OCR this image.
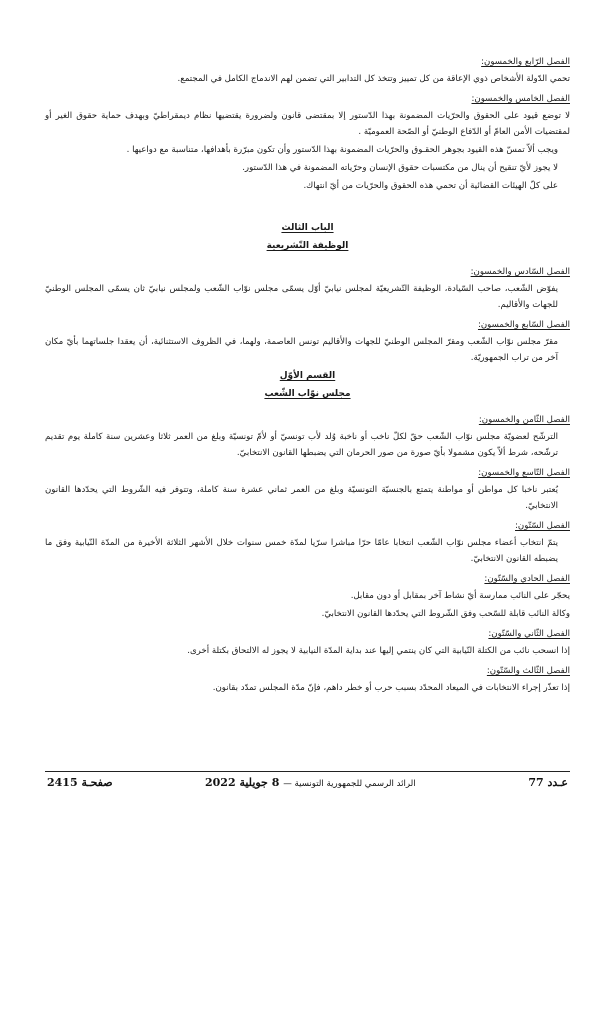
الفصل الرّابع والخمسون:

تحمي الدّولة الأشخاص ذوي الإعاقة من كل تمييز وتتخذ كل التدابير التي تضمن لهم الاندماج الكامل في المجتمع.

الفصل الخامس والخمسون:

لا توضع قيود على الحقوق والحرّيات المضمونة بهذا الدّستور إلا بمقتضى قانون ولضرورة يقتضيها نظام ديمقراطيّ وبهدف حماية حقوق الغير أو لمقتضيات الأمن العامّ أو الدّفاع الوطنيّ أو الصّحة العموميّة .

ويجب ألاّ تمسّ هذه القيود بجوهر الحقـوق والحرّيات المضمونة بهذا الدّستور وأن تكون مبرّرة بأهدافها، متناسبة مع دواعيها .

لا يجوز لأيّ تنقيح أن ينال من مكتسبات حقوق الإنسان وحرّياته المضمونة في هذا الدّستور.

على كلّ الهيئات القضائية أن تحمي هذه الحقوق والحرّيات من أيّ انتهاك.

الباب الثالث
الوظيفة التّشريعية
الفصل السّادس والخمسون:

يفوّض الشّعب، صاحب السّيادة، الوظيفة التّشريعيّة لمجلس نيابيّ أوّل يسمّى مجلس نوّاب الشّعب ولمجلس نيابيّ ثان يسمّى المجلس الوطنيّ للجهات والأقاليم.

الفصل السّابع والخمسون:

مقرّ مجلس نوّاب الشّعب ومقرّ المجلس الوطنيّ للجهات والأقاليم تونس العاصمة، ولهما، في الظروف الاستثنائية، أن يعقدا جلساتهما بأيّ مكان آخر من تراب الجمهوريّة.

القسم الأوّل
مجلس نوّاب الشّعب
الفصل الثّامن والخمسون:

الترشّح لعضويّة مجلس نوّاب الشّعب حقّ لكلّ ناخب أو ناخبة وُلد لأب تونسيّ أو لأمّ تونسيّة وبلغ من العمر ثلاثا وعشرين سنة كاملة يوم تقديم ترشّحه، شرط ألاّ يكون مشمولا بأيّ صورة من صور الحرمان التي يضبطها القانون الانتخابيّ.

الفصل التّاسع والخمسون:

يُعتبر ناخبا كل مواطن أو مواطنة يتمتع بالجنسيّة التونسيّة وبلغ من العمر ثماني عشرة سنة كاملة، وتتوفر فيه الشّروط التي يحدّدها القانون الانتخابيّ.

الفصل السّتّون:

يتمّ انتخاب أعضاء مجلس نوّاب الشّعب انتخابا عامّا حرّا مباشرا سرّيا لمدّة خمس سنوات خلال الأشهر الثلاثة الأخيرة من المدّة النّيابية وفق ما يضبطه القانون الانتخابيّ.

الفصل الحادي والسّتّون:

يحجّر على النائب ممارسة أيّ نشاط آخر بمقابل أو دون مقابل.

وكالة النائب قابلة للسّحب وفق الشّروط التي يحدّدها القانون الانتخابيّ.

الفصل الثّاني والسّتّون:

إذا انسحب نائب من الكتلة النّيابية التي كان ينتمي إليها عند بداية المدّة النيابية لا يجوز له الالتحاق بكتلة أخرى.

الفصل الثّالث والسّتّون:

إذا تعذّر إجراء الانتخابات في الميعاد المحدّد بسبب حرب أو خطر داهم، فإنّ مدّة المجلس تمدّد بقانون.

عـدد 77
الرائد الرسمي للجمهورية التونسية — 8 جويلية 2022
صفحـة 2415
